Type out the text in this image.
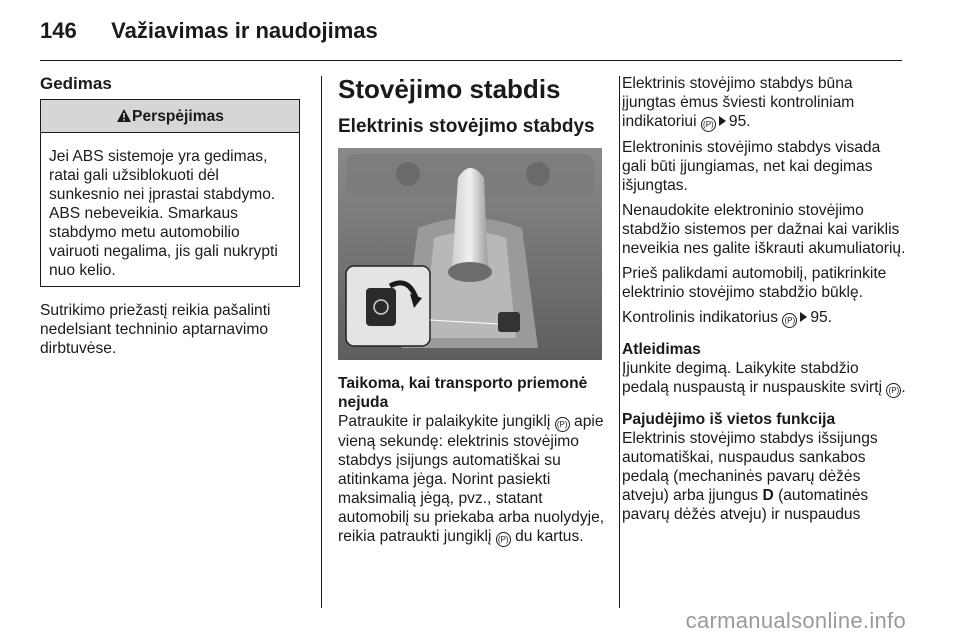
146 Važiavimas ir naudojimas
Gedimas
Perspėjimas
Jei ABS sistemoje yra gedimas, ratai gali užsiblokuoti dėl sunkesnio nei įprastai stabdymo. ABS nebeveikia. Smarkaus stabdymo metu automobilio vairuoti negalima, jis gali nukrypti nuo kelio.

Sutrikimo priežastį reikia pašalinti nedelsiant techninio aptarnavimo dirbtuvėse.

Stovėjimo stabdis
Elektrinis stovėjimo stabdys

Taikoma, kai transporto priemonė nejuda

Patraukite ir palaikykite jungiklį (P) apie vieną sekundę: elektrinis stovėjimo stabdys įsijungs automatiškai su atitinkama jėga. Norint pasiekti maksimalią jėgą, pvz., statant automobilį su priekaba arba nuolydyje, reikia patraukti jungiklį (P) du kartus.

Elektrinis stovėjimo stabdys būna įjungtas ėmus šviesti kontroliniam indikatoriui (P) 95.

Elektroninis stovėjimo stabdys visada gali būti įjungiamas, net kai degimas išjungtas.

Nenaudokite elektroninio stovėjimo stabdžio sistemos per dažnai kai variklis neveikia nes galite iškrauti akumuliatorių.

Prieš palikdami automobilį, patikrinkite elektrinio stovėjimo stabdžio būklę.

Kontrolinis indikatorius (P) 95.

Atleidimas

Įjunkite degimą. Laikykite stabdžio pedalą nuspaustą ir nuspauskite svirtį (P) .

Pajudėjimo iš vietos funkcija

Elektrinis stovėjimo stabdys išsijungs automatiškai, nuspaudus sankabos pedalą (mechaninės pavarų dėžės atveju) arba įjungus D (automatinės pavarų dėžės atveju) ir nuspaudus

carmanualsonline.info
